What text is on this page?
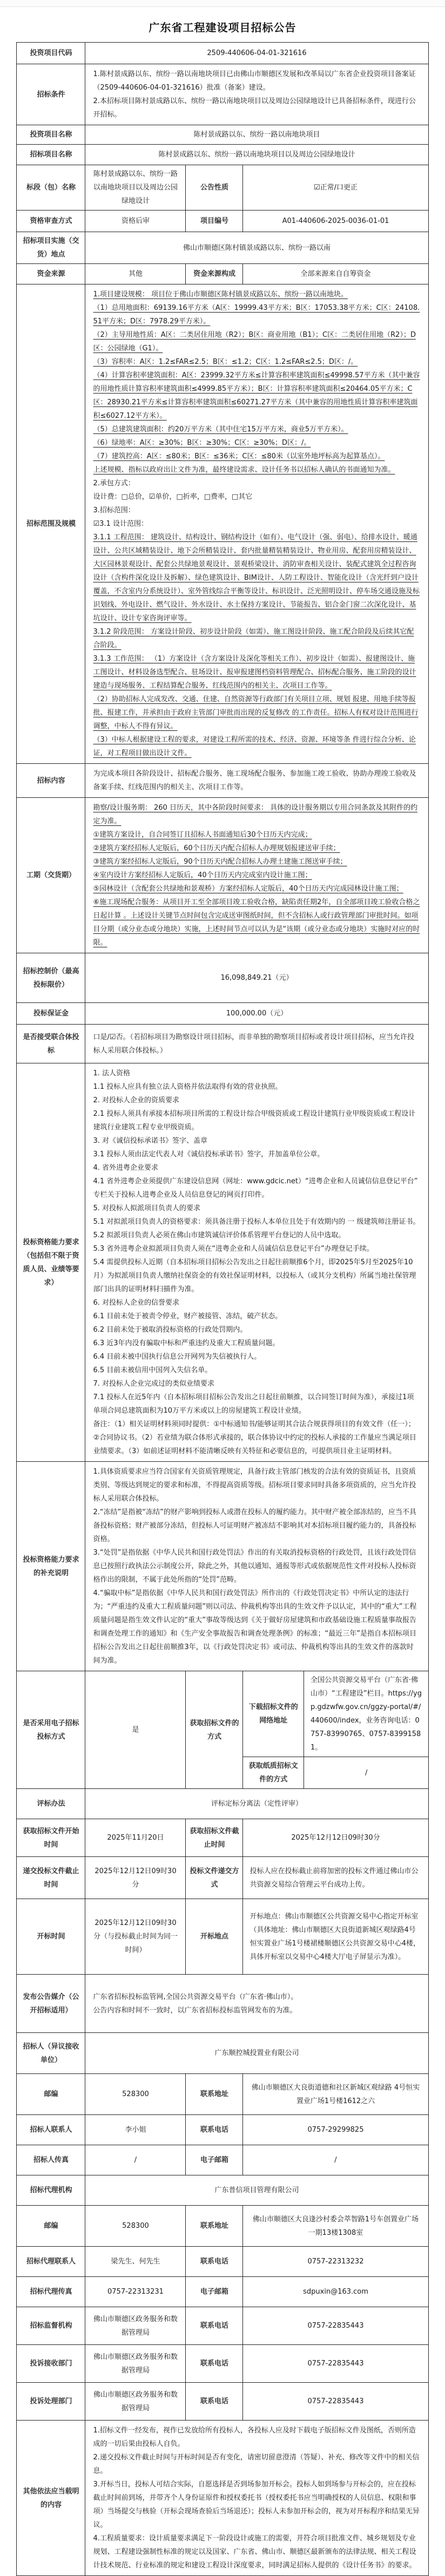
广东省工程建设项目招标公告
投资项目代码	2509-440606-04-01-321616
招标条件	
1.陈村景成路以东、缤纷一路以南地块项目已由佛山市顺德区发展和改革局以广东省企业投资项目备案证（2509-440606-04-01-321616）批准（备案）建设。
2.本招标项目陈村景成路以东、缤纷一路以南地块项目以及周边公园绿地设计已具备招标条件，现进行公开招标。

投资项目名称	陈村景成路以东、缤纷一路以南地块项目
招标项目名称	陈村景成路以东、缤纷一路以南地块项目以及周边公园绿地设计
标段（包）名称	陈村景成路以东、缤纷一路以南地块项目以及周边公园绿地设计	公告性质	☑正常/口更正
资格审查方式	资格后审	项目编号	A01-440606-2025-0036-01-01
招标项目实施（交货）地点	佛山市顺德区陈村镇景成路以东、缤纷一路以南
资金来源	其他	资金来源构成	全部来源来自自筹资金
招标范围及规模	
1.项目建设规模： 项目位于佛山市顺德区陈村镇景成路以东、缤纷一路以南地块。
（1）总用地面积：69139.16平方米（A区：19999.43平方米；B区：17053.38平方米；C区：24108.51平方米；D区：7978.29平方米）。
（2）主导用地性质：A区：二类居住用地（R2）；B区：商业用地（B1）；C区：二类居住用地（R2）；D区：公园绿地（G1）。
（3）容积率：A区：1.2≤FAR≤2.5；B区：≤1.2；C区：1.2≤FAR≤2.5；D区：/。
（4）计算容积率建筑面积：A区：23999.32平方米≤计算容积率建筑面积≤49998.57平方米（其中兼容的用地性质计算容积率建筑面积≤4999.85平方米）；B区：计算容积率建筑面积≤20464.05平方米；C区：28930.21平方米≤计算容积率建筑面积≤60271.27平方米（其中兼容的用地性质计算容积率建筑面积≤6027.12平方米）。
（5）总建筑建筑面积：约20万平方米（其中住宅15万平方米，商业5万平方米）。
（6）绿地率：A区：≥30%；B区：≥30%；C区：≥30%；D区：/。
（7）建筑控高：A区：≤80米；B区：≤36米；C区：≤80米（以室外地坪标高为起算基点）。
上述规模、指标以政府出让文件为准，最终建设需求、设计任务书以招标人确认的书面通知为准。
2.承包方式：
设计费：□总价，☑单价，□折率，□费率，□其它
3.招标范围：
☑3.1 设计范围：
3.1.1 工程范围： 建筑设计、结构设计、钢结构设计（如有）、电气设计（强、弱电）、给排水设计、暖通设计、公共区域精装设计、地下会所精装设计、套内批量精装精装设计、物业用房、配套用房精装设计、大区园林景观设计、配套公共绿地景观设计、景观桥梁设计、消防审查相关设计、装配式建筑全过程咨询设计（含构件深化设计及拆解）、绿色建筑设计、BIM设计、人防工程设计、智能化设计（含光纤到户设计覆盖，不含室内分系统设计）、室外管线综合平衡等设计、标识设计、泛光照明设计、停车场交通设施及标识划线、外电设计、燃气设计、外水设计、水土保持方案设计、节能报告、铝合金门窗二次深化设计、基坑设计、设计专家咨询评审等。
3.1.2 阶段范围： 方案设计阶段、初步设计阶段（如需）、施工图设计阶段、施工配合阶段及后续其它配合阶段。
3.1.3 工作范围： （1）方案设计（含方案设计及深化等相关工作）、初步设计（如需）、报建图设计、施工图设计、材料设备选型配合、驻场设计、报审报建图档资料管理配合、招标配合服务、施工阶段的设计建造与现场服务、工程结算配合服务、红线范围内的相关主、次项目工作等。
（2）协助招标人完成发改、交通、住建、自然资源等行政部门有关项目立项、规划 报建、用地手续等报批、报建工作，并承担由于政府主管部门审批而出现的反复修改 的工作责任。招标人有权对设计范围进行调整，中标人不得有异议。
（3）中标人根据建设工程的要求，对建设工程所需的技术、经济、资源、环境等条 件进行综合分析、论证，对工程项目做出设计文件。

招标内容	为完成本项目各阶段设计、招标配合服务、施工现场配合服务、参加施工竣工验收、协助办理竣工验收及备案手续、红线范围内的相关主、次项目工作等。
工期（交货期）	
勘察/设计服务期： 260 日历天，其中各阶段时间要求： 具体的设计服务期以专用合同条款及其附件的约定为准。
①建筑方案设计，自合同签订且招标人书面通知后30个日历天内完成；
②建筑方案经招标人定版后，60个日历天内配合招标人办理规划报建送审手续；
③建筑方案经招标人定版后，90个日历天内配合招标人办理土建施工图送审手续；
④室内设计方案经招标人定版后，40个日历天内完成室内设计施工图；
⑤园林设计（含配套公共绿地和景观桥）方案经招标人定版后，40个日历天内完成园林设计施工图；
⑥施工现场配合服务：从项目开工至全部项目竣工验收合格，缺陷责任期2年，自全部项目竣工验收合格之日起计算 。上述设计关键节点时间包含完成送审图纸时间，但不含招标人或行政管理部门审批时间。如项目分期（或分业态或分地块）实施，上述时间节点可以认为是“该期（或分业态或分地块）实施时对应的时限。

招标控制价（最高投标限价）	16,098,849.21（元）
投标保证金	100,000.00（元）
是否接受联合体投标	口是/☑否。（若招标项目为勘察设计项目招标，而非单独的勘察项目招标或者设计项目招标，应当允许投标人采用联合体投标。）
投标资格能力要求（包括但不限于资质人员、业绩等要求）	
1. 法人资格
1.1 投标人应具有独立法人资格并依法取得有效的营业执照。
2. 对投标人企业的资质要求
2.1 投标人须具有承接本招标项目所需的工程设计综合甲级资质或工程设计建筑行业甲级资质或工程设计建筑行业建筑工程专业甲级资质。
3. 对《诚信投标承诺书》签字、盖章
3.1 投标人须由法定代表人对《诚信投标承诺书》签字，并加盖单位公章。
4. 省外进粤企业要求
4.1 省外进粤企业须提供广东建设信息网（网址：www.gdcic.net）“进粤企业和人员诚信信息登记平台”专栏关于投标人进粤企业及人员信息登记的网页打印件。
5. 对投标人拟派项目负责人的要求
5.1 对拟派项目负责人的资格要求：须具备注册于投标人本单位且处于有效期内的 一 级建筑师注册证书。
5.2 拟派项目负责人必须在佛山市建筑诚信评价体系管理平台登记的人员中选取。
5.3 省外进粤企业拟派项目负责人须在“进粤企业和人员诚信信息登记平台”办理登记手续。
5.4 需提供投标人近期（自本招标项目招标公告发出之日起往前顺推6个月，即2025年5月至2025年10月）为拟派项目负责人缴纳社保资金的有效社保证明材料，以投标人（或其分支机构）所属当地社保管理部门出具的证明材料扫描件为准。
6. 对投标人企业的信誉要求
6.1 目前未处于被责令停业，财产被接管、冻结，破产状态。
6.2 目前未处于被取消投标资格的行政处罚期内。
6.3 近3年内没有骗取中标和严重违约及重大工程质量问题。
6.4 目前未被中国执行信息公开网列为失信被执行人。
6.5 目前未被信用中国列入失信名单。
7. 对投标人企业完成过的类似业绩要求
7.1 投标人在近5年内（自本招标项目招标公告发出之日起往前顺推，以合同签订时间为准），承接过1项单项合同总建筑面积为10万平方米或以上的房屋建筑工程设计业绩。
备注：（1）相关证明材料须同时提供：①中标通知书/能够证明其合法合规获得项目的有效文件（任一）；②合同协议书。（2）若业绩为联合体形式承接的，联合体协议中约定的投标人承接的工作量应当满足项目业绩要求。（3）如前述证明材料不能清晰反映有关特征和必要信息的，可提供项目业主证明材料。

投标资格能力要求的补充说明	
1.具体资质要求应当符合国家有关资质管理规定，具备行政主管部门核发的合法有效的资质证书，且资质类别、等级达到规定的要求和标准，不得提高资质等级。招标项目要求同时具备多项资质的，应当允许投标人采用联合体投标。
2.“冻结”是指被“冻结”的财产影响到投标人或潜在投标人的履约能力。其中财产被全部冻结的，应当不具备投标资格；财产被部分冻结，但投标人可证明财产被冻结不影响其对本招标项目履约能力的，具备投标资格。
3.“处罚”是指依据《中华人民共和国行政处罚法》作出的有关取消投标资格的行政处罚，且该行政处罚信息已按照行政执法公示制度公开，除此之外，其他以通知、通报等形式或依据规范性文件对投标人投标资格作出的限制，不属于此处所指的“处罚”范畴。
4.“骗取中标”是指依据《中华人民共和国行政处罚法》所作出的《行政处罚决定书》中所认定的违法行为；“严重违约及重大工程质量问题”则以司法、仲裁机构等出具的生效文件予以认定，其中的“重大”工程质量问题是指生效文件认定的“重大”事故等级达到《关于做好房屋建筑和市政基础设施工程质量事故报告和调查处理工作的通知》和《生产安全事故报告和调查处理条例》的标准；“最近三年”是指自本招标项目招标公告发出之日起往前顺推3年，以《行政处罚决定书》或司法、仲裁机构等出具的生效文件的落款时间为准。

是否采用电子招标投标方式	是	获取招标文件的方式	
下载招标文件的网络地址	全国公共资源交易平台（广东省·佛山市）“工程建设”栏目。https://ygp.gdzwfw.gov.cn/ggzy-portal/#/440600/index，业务咨询电话：0757-83990765、0757-83991581。
获取纸质招标文件的方式	/

评标办法	评标定标分离法（定性评审）
获取招标文件开始时间	2025年11月20日	获取招标文件截止时间	2025年12月12日09时30分
递交投标文件截止时间	2025年12月12日09时30分	投标文件递交方式	投标人应在投标截止前将加密的投标文件通过佛山市公共资源交易综合管理云平台成功上传。
开标时间	2025年12月12日09时30分（与投标截止时间为同一时间）	开标地点	开标地点：佛山市顺德区公共资源交易中心指定开标室（具体地址：佛山市顺德区大良街道新城区观绿路4号恒实置业广场1号楼裙楼顺德区公共资源交易中心4楼，具体开标室以交易中心4楼大厅电子屏显示为准）。
发布公告媒介（公开招标适用）	
广东省招标投标监管网,全国公共资源交易平台（广东省·佛山市）。
公告内容和时间不一致时，以广东省招标投标监管网发布的为准。

招标人（异议接收单位）	广东顺控城投置业有限公司
邮编	528300	联系地址	佛山市顺德区大良街道德和社区新城区观绿路 4号恒实置业广场1号楼1612之六
招标人联系人	李小姐	联系电话	0757-29299825
招标人传真	/	电子邮箱	/
招标代理机构	广东普信项目管理有限公司
邮编	528300	联系地址	佛山市顺德区大良逢沙村委会萃智路1号车创置业广场一期13楼1308室
招标代理联系人	梁先生、何先生	联系电话	0757-22313232
招标代理传真	0757-22313231	电子邮箱	sdpuxin@163.com
招标监督机构	佛山市顺德区政务服务和数据管理局	联系电话	0757-22835443
投诉接收部门	佛山市顺德区政务服务和数据管理局	联系电话	0757-22835443
投诉处理部门	佛山市顺德区政务服务和数据管理局	联系电话	0757-22835443
其他依法应当载明的内容	
1.招标文件一经发布，视作已发放给所有投标人，各投标人应及时下载电子版招标文件及图纸，否则所造成的一切后果由投标人自负。
2.递交投标文件截止时间与开标时间是否有变化，请密切留意澄清（答疑）、补充、修改等文件中的相关信息。
3.开标当日，投标人可结合实际，自愿选择是否到场参加开标会。投标人如到场参与开标会的，应在投标截止时间前到场，并带齐个人身份证原件和授权委托书（授权委托书应当明确授权的人员信息、权限和事项）当场提交与核验（开标会现场查验后当场退还）；投标人未参加开标会的，视为对开标程序和结果无异议。
4.工程质量要求：设计质量要求满足下一阶段设计或施工的需要，并符合项目批准文件、城乡规划及专业规划、工程建设强制性标准的规定以及国家、广东省、佛山市、顺德区最新颁布的法律法规、相关工程设计技术规范、行业标准的规定和建设工程设计深度要求，同时满足招标人提供的《设计任务书》的要求。
